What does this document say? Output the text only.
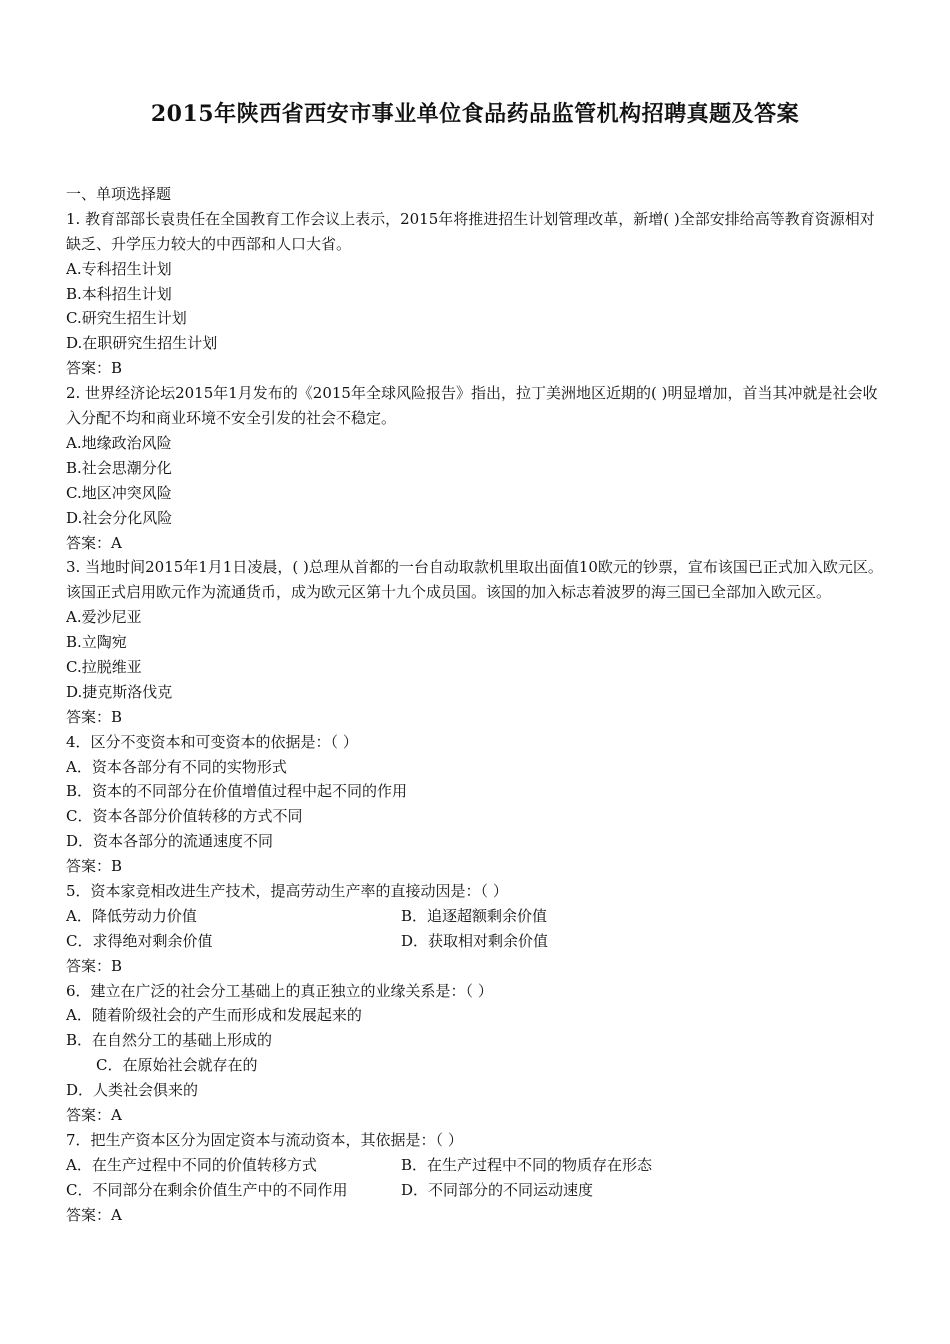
2015年陕西省西安市事业单位食品药品监管机构招聘真题及答案
一、单项选择题
1. 教育部部长袁贵任在全国教育工作会议上表示，2015年将推进招生计划管理改革，新增( )全部安排给高等教育资源相对缺乏、升学压力较大的中西部和人口大省。
A.专科招生计划
B.本科招生计划
C.研究生招生计划
D.在职研究生招生计划
答案：B
2. 世界经济论坛2015年1月发布的《2015年全球风险报告》指出，拉丁美洲地区近期的( )明显增加，首当其冲就是社会收入分配不均和商业环境不安全引发的社会不稳定。
A.地缘政治风险
B.社会思潮分化
C.地区冲突风险
D.社会分化风险
答案：A
3. 当地时间2015年1月1日凌晨，( )总理从首都的一台自动取款机里取出面值10欧元的钞票，宣布该国已正式加入欧元区。该国正式启用欧元作为流通货币，成为欧元区第十九个成员国。该国的加入标志着波罗的海三国已全部加入欧元区。
A.爱沙尼亚
B.立陶宛
C.拉脱维亚
D.捷克斯洛伐克
答案：B
4．区分不变资本和可变资本的依据是：（ ）
A．资本各部分有不同的实物形式
B．资本的不同部分在价值增值过程中起不同的作用
C．资本各部分价值转移的方式不同
D．资本各部分的流通速度不同
答案：B
5．资本家竞相改进生产技术，提高劳动生产率的直接动因是：（ ）
A．降低劳动力价值	B．追逐超额剩余价值
C．求得绝对剩余价值	D．获取相对剩余价值
答案：B
6．建立在广泛的社会分工基础上的真正独立的业缘关系是：（ ）
A．随着阶级社会的产生而形成和发展起来的
B．在自然分工的基础上形成的
C．在原始社会就存在的
D．人类社会俱来的
答案：A
7．把生产资本区分为固定资本与流动资本，其依据是：（ ）
A．在生产过程中不同的价值转移方式	B．在生产过程中不同的物质存在形态
C．不同部分在剩余价值生产中的不同作用	D．不同部分的不同运动速度
答案：A
